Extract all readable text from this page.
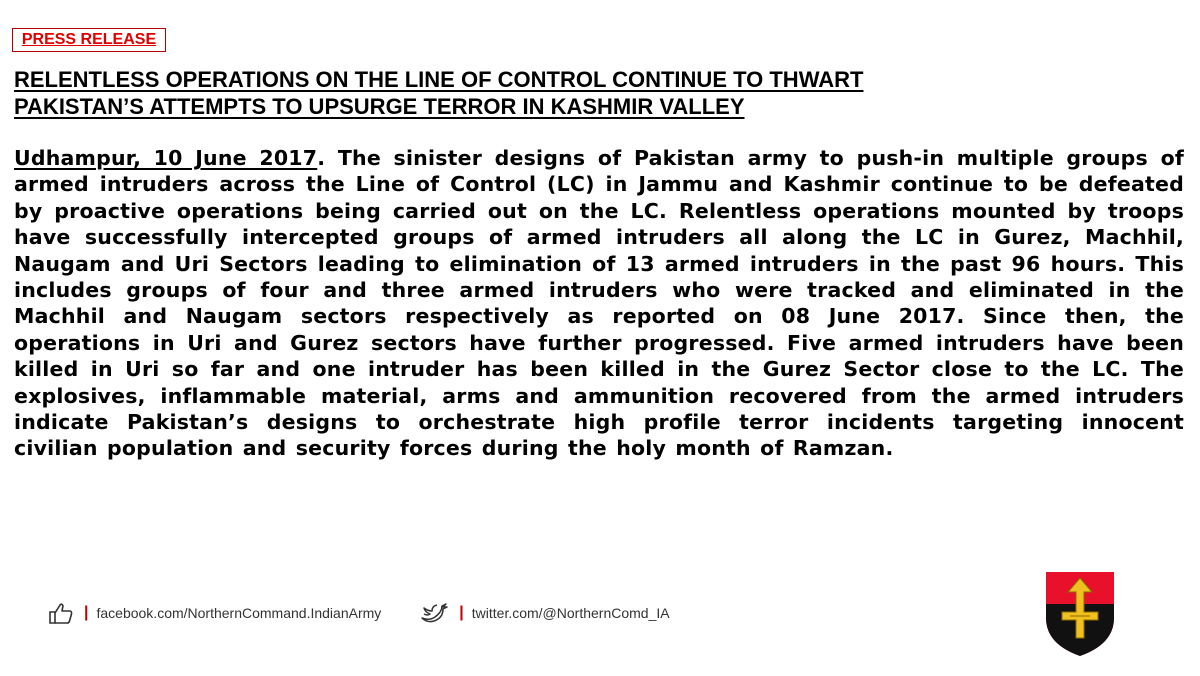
PRESS RELEASE
RELENTLESS OPERATIONS ON THE LINE OF CONTROL CONTINUE TO THWART
PAKISTAN’S ATTEMPTS TO UPSURGE TERROR IN KASHMIR VALLEY
Udhampur, 10 June 2017. The sinister designs of Pakistan army to push-in multiple groups of armed intruders across the Line of Control (LC) in Jammu and Kashmir continue to be defeated by proactive operations being carried out on the LC. Relentless operations mounted by troops have successfully intercepted groups of armed intruders all along the LC in Gurez, Machhil, Naugam and Uri Sectors leading to elimination of 13 armed intruders in the past 96 hours. This includes groups of four and three armed intruders who were tracked and eliminated in the Machhil and Naugam sectors respectively as reported on 08 June 2017. Since then, the operations in Uri and Gurez sectors have further progressed. Five armed intruders have been killed in Uri so far and one intruder has been killed in the Gurez Sector close to the LC. The explosives, inflammable material, arms and ammunition recovered from the armed intruders indicate Pakistan’s designs to orchestrate high profile terror incidents targeting innocent civilian population and security forces during the holy month of Ramzan.
| facebook.com/NorthernCommand.IndianArmy	| twitter.com/@NorthernComd_IA
